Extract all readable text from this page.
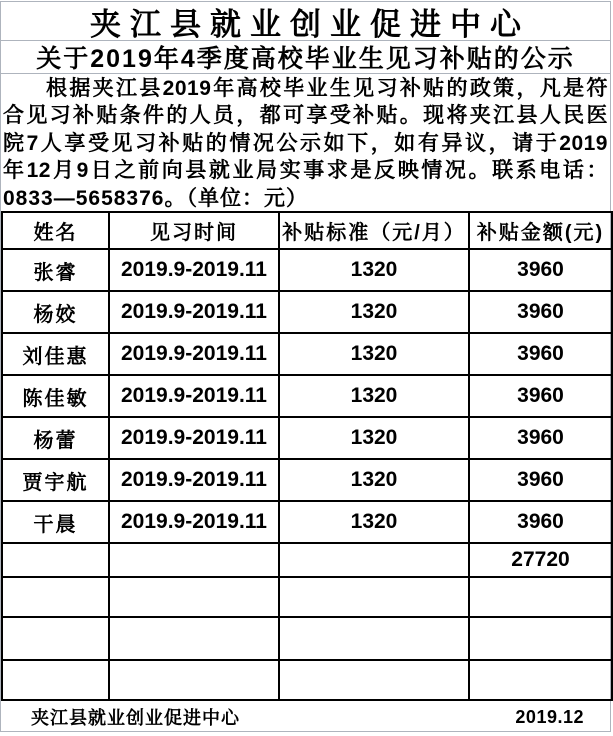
夹江县就业创业促进中心
关于2019年4季度高校毕业生见习补贴的公示
根据夹江县2019年高校毕业生见习补贴的政策，凡是符
合见习补贴条件的人员，都可享受补贴。现将夹江县人民医
院7人享受见习补贴的情况公示如下，如有异议，请于2019
年12月9日之前向县就业局实事求是反映情况。联系电话：
0833—5658376。（单位：元）
姓名	见习时间	补贴标准（元/月）	补贴金额(元)
张睿	2019.9-2019.11	1320	3960
杨姣	2019.9-2019.11	1320	3960
刘佳惠	2019.9-2019.11	1320	3960
陈佳敏	2019.9-2019.11	1320	3960
杨蕾	2019.9-2019.11	1320	3960
贾宇航	2019.9-2019.11	1320	3960
干晨	2019.9-2019.11	1320	3960
			27720

夹江县就业创业促进中心	2019.12
